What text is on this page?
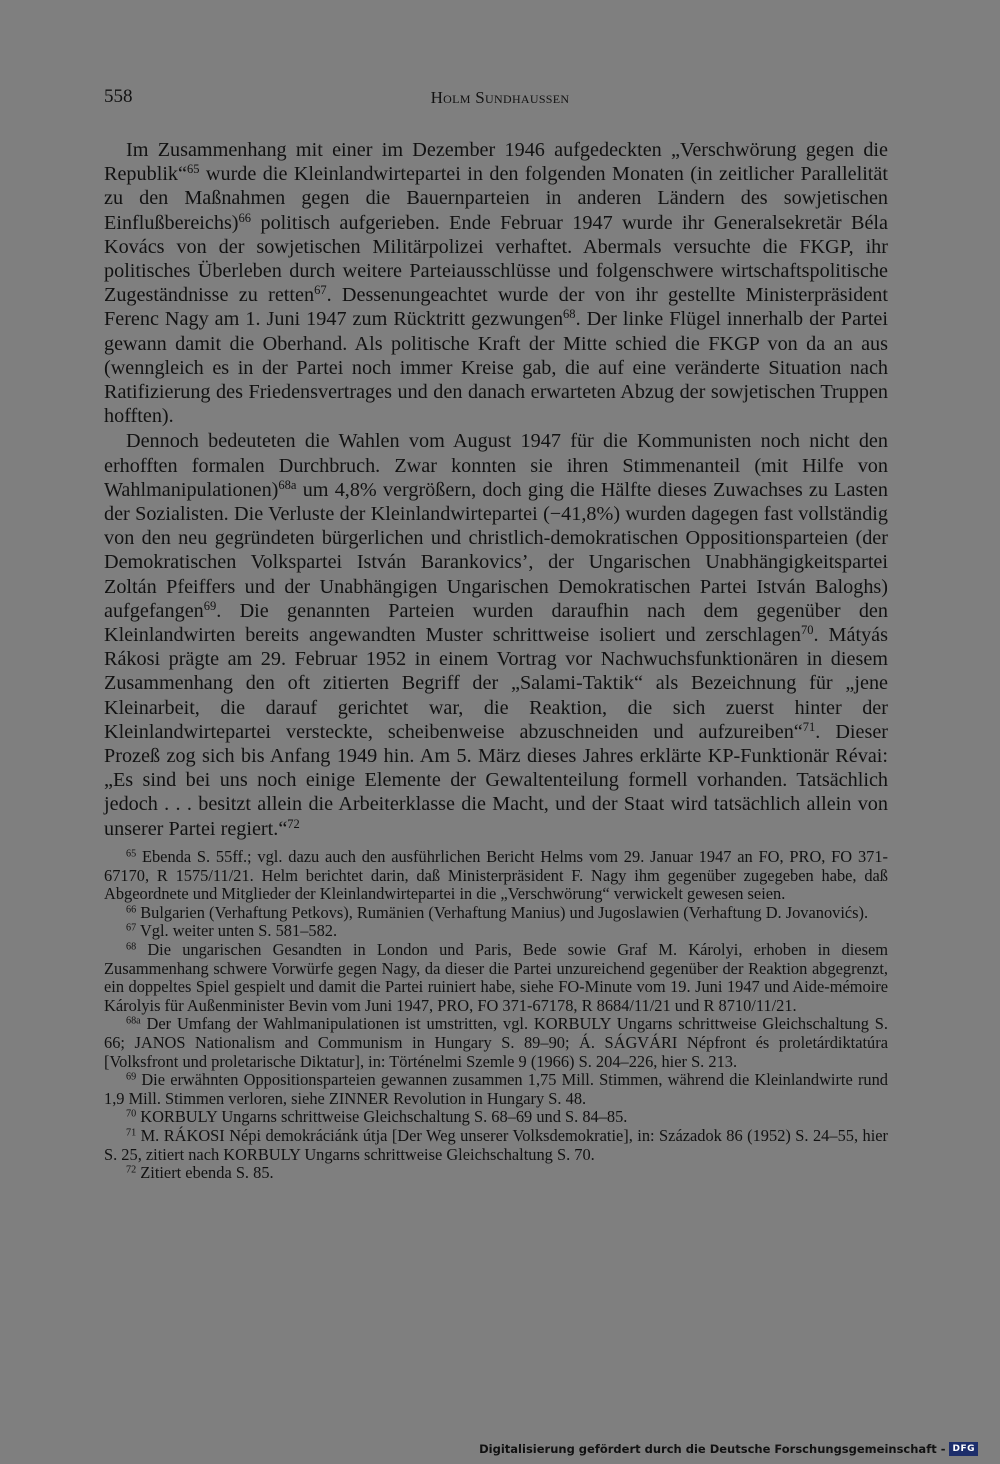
558	Holm Sundhaussen

Im Zusammenhang mit einer im Dezember 1946 aufgedeckten „Verschwörung gegen die Republik“$^{65}$ wurde die Kleinlandwirtepartei in den folgenden Monaten (in zeitlicher Parallelität zu den Maßnahmen gegen die Bauernparteien in anderen Ländern des sowjetischen Einflußbereichs)$^{66}$ politisch aufgerieben. Ende Februar 1947 wurde ihr Generalsekretär Béla Kovács von der sowjetischen Militärpolizei verhaftet. Abermals versuchte die FKGP, ihr politisches Überleben durch weitere Parteiausschlüsse und folgenschwere wirtschaftspolitische Zugeständnisse zu retten$^{67}$. Dessenungeachtet wurde der von ihr gestellte Ministerpräsident Ferenc Nagy am 1. Juni 1947 zum Rücktritt gezwungen$^{68}$. Der linke Flügel innerhalb der Partei gewann damit die Oberhand. Als politische Kraft der Mitte schied die FKGP von da an aus (wenngleich es in der Partei noch immer Kreise gab, die auf eine veränderte Situation nach Ratifizierung des Friedensvertrages und den danach erwarteten Abzug der sowjetischen Truppen hofften).

Dennoch bedeuteten die Wahlen vom August 1947 für die Kommunisten noch nicht den erhofften formalen Durchbruch. Zwar konnten sie ihren Stimmenanteil (mit Hilfe von Wahlmanipulationen)$^{68a}$ um 4,8% vergrößern, doch ging die Hälfte dieses Zuwachses zu Lasten der Sozialisten. Die Verluste der Kleinlandwirtepartei (−41,8%) wurden dagegen fast vollständig von den neu gegründeten bürgerlichen und christlich-demokratischen Oppositionsparteien (der Demokratischen Volkspartei István Barankovics’, der Ungarischen Unabhängigkeitspartei Zoltán Pfeiffers und der Unabhängigen Ungarischen Demokratischen Partei István Baloghs) aufgefangen$^{69}$. Die genannten Parteien wurden daraufhin nach dem gegenüber den Kleinlandwirten bereits angewandten Muster schrittweise isoliert und zerschlagen$^{70}$. Mátyás Rákosi prägte am 29. Februar 1952 in einem Vortrag vor Nachwuchsfunktionären in diesem Zusammenhang den oft zitierten Begriff der „Salami-Taktik“ als Bezeichnung für „jene Kleinarbeit, die darauf gerichtet war, die Reaktion, die sich zuerst hinter der Kleinlandwirtepartei versteckte, scheibenweise abzuschneiden und aufzureiben“$^{71}$. Dieser Prozeß zog sich bis Anfang 1949 hin. Am 5. März dieses Jahres erklärte KP-Funktionär Révai: „Es sind bei uns noch einige Elemente der Gewaltenteilung formell vorhanden. Tatsächlich jedoch . . . besitzt allein die Arbeiterklasse die Macht, und der Staat wird tatsächlich allein von unserer Partei regiert.“$^{72}$

$^{65}$ Ebenda S. 55ff.; vgl. dazu auch den ausführlichen Bericht Helms vom 29. Januar 1947 an FO, PRO, FO 371-67170, R 1575/11/21. Helm berichtet darin, daß Ministerpräsident F. Nagy ihm gegenüber zugegeben habe, daß Abgeordnete und Mitglieder der Kleinlandwirtepartei in die „Verschwörung“ verwickelt gewesen seien.

$^{66}$ Bulgarien (Verhaftung Petkovs), Rumänien (Verhaftung Manius) und Jugoslawien (Verhaftung D. Jovanovićs).

$^{67}$ Vgl. weiter unten S. 581–582.

$^{68}$ Die ungarischen Gesandten in London und Paris, Bede sowie Graf M. Károlyi, erhoben in diesem Zusammenhang schwere Vorwürfe gegen Nagy, da dieser die Partei unzureichend gegenüber der Reaktion abgegrenzt, ein doppeltes Spiel gespielt und damit die Partei ruiniert habe, siehe FO-Minute vom 19. Juni 1947 und Aide-mémoire Károlyis für Außenminister Bevin vom Juni 1947, PRO, FO 371-67178, R 8684/11/21 und R 8710/11/21.

$^{68a}$ Der Umfang der Wahlmanipulationen ist umstritten, vgl. KORBULY Ungarns schrittweise Gleichschaltung S. 66; JANOS Nationalism and Communism in Hungary S. 89–90; Á. SÁGVÁRI Népfront és proletárdiktatúra [Volksfront und proletarische Diktatur], in: Történelmi Szemle 9 (1966) S. 204–226, hier S. 213.

$^{69}$ Die erwähnten Oppositionsparteien gewannen zusammen 1,75 Mill. Stimmen, während die Kleinlandwirte rund 1,9 Mill. Stimmen verloren, siehe ZINNER Revolution in Hungary S. 48.

$^{70}$ KORBULY Ungarns schrittweise Gleichschaltung S. 68–69 und S. 84–85.

$^{71}$ M. RÁKOSI Népi demokráciánk útja [Der Weg unserer Volksdemokratie], in: Századok 86 (1952) S. 24–55, hier S. 25, zitiert nach KORBULY Ungarns schrittweise Gleichschaltung S. 70.

$^{72}$ Zitiert ebenda S. 85.

Digitalisierung gefördert durch die Deutsche Forschungsgemeinschaft - DFG
